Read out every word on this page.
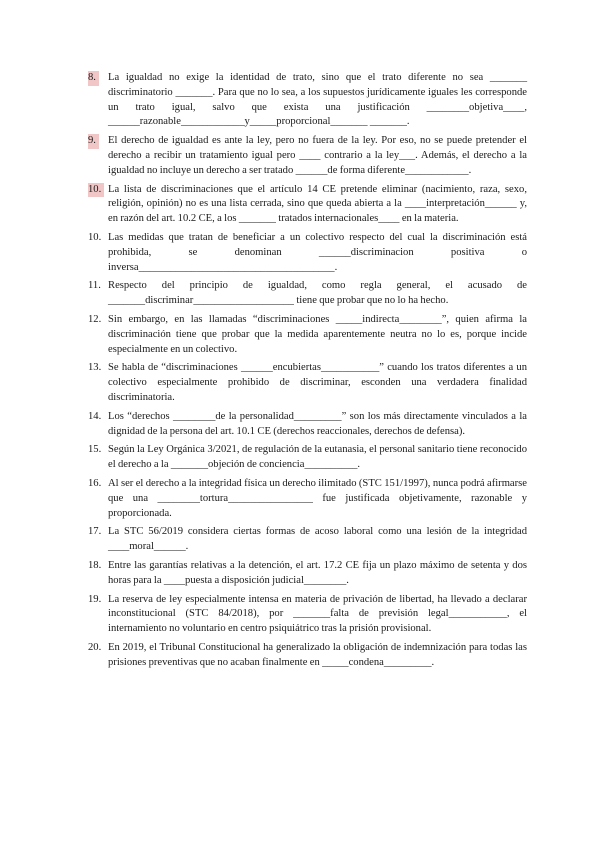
8. La igualdad no exige la identidad de trato, sino que el trato diferente no sea _______ discriminatorio _______. Para que no lo sea, a los supuestos jurídicamente iguales les corresponde un trato igual, salvo que exista una justificación ________objetiva____, ______razonable____________y_____proporcional_______ _______.
9. El derecho de igualdad es ante la ley, pero no fuera de la ley. Por eso, no se puede pretender el derecho a recibir un tratamiento igual pero ____ contrario a la ley___. Además, el derecho a la igualdad no incluye un derecho a ser tratado ______de forma diferente____________.
10. La lista de discriminaciones que el artículo 14 CE pretende eliminar (nacimiento, raza, sexo, religión, opinión) no es una lista cerrada, sino que queda abierta a la ____interpretación______ y, en razón del art. 10.2 CE, a los _______ tratados internacionales____ en la materia.
10. Las medidas que tratan de beneficiar a un colectivo respecto del cual la discriminación está prohibida, se denominan ______discriminacion positiva o inversa_____________________________________.
11. Respecto del principio de igualdad, como regla general, el acusado de _______discriminar___________________ tiene que probar que no lo ha hecho.
12. Sin embargo, en las llamadas “discriminaciones _____indirecta________”, quien afirma la discriminación tiene que probar que la medida aparentemente neutra no lo es, porque incide especialmente en un colectivo.
13. Se habla de “discriminaciones ______encubiertas___________” cuando los tratos diferentes a un colectivo especialmente prohibido de discriminar, esconden una verdadera finalidad discriminatoria.
14. Los “derechos ________de la personalidad_________” son los más directamente vinculados a la dignidad de la persona del art. 10.1 CE (derechos reaccionales, derechos de defensa).
15. Según la Ley Orgánica 3/2021, de regulación de la eutanasia, el personal sanitario tiene reconocido el derecho a la _______objeción de conciencia__________.
16. Al ser el derecho a la integridad física un derecho ilimitado (STC 151/1997), nunca podrá afirmarse que una ________tortura________________ fue justificada objetivamente, razonable y proporcionada.
17. La STC 56/2019 considera ciertas formas de acoso laboral como una lesión de la integridad ____moral______.
18. Entre las garantías relativas a la detención, el art. 17.2 CE fija un plazo máximo de setenta y dos horas para la ____puesta a disposición judicial________.
19. La reserva de ley especialmente intensa en materia de privación de libertad, ha llevado a declarar inconstitucional (STC 84/2018), por _______falta de previsión legal___________, el internamiento no voluntario en centro psiquiátrico tras la prisión provisional.
20. En 2019, el Tribunal Constitucional ha generalizado la obligación de indemnización para todas las prisiones preventivas que no acaban finalmente en _____condena_________.
